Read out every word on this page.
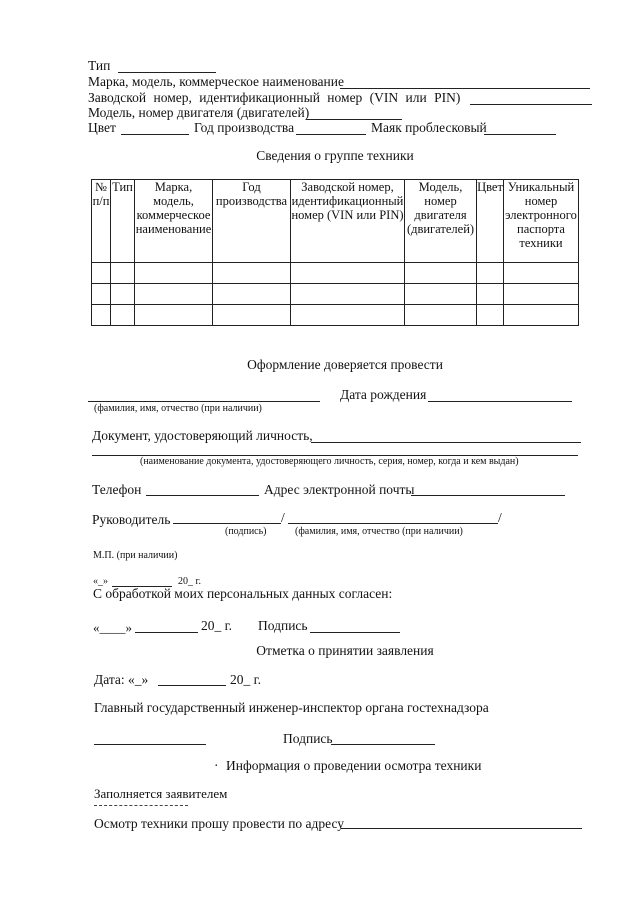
Тип
Марка, модель, коммерческое наименование
Заводской номер, идентификационный номер (VIN или PIN)
Модель, номер двигателя (двигателей)
Цвет	Год производства	Маяк проблесковый
Сведения о группе техники
№ п/п	Тип	Марка, модель, коммерческое наименование	Год производства	Заводской номер, идентификационный номер (VIN или PIN)	Модель, номер двигателя (двигателей)	Цвет	Уникальный номер электронного паспорта техники

Оформление доверяется провести
Дата рождения
(фамилия, имя, отчество (при наличии)
Документ, удостоверяющий личность,
(наименование документа, удостоверяющего личность, серия, номер, когда и кем выдан)
Телефон	Адрес электронной почты
Руководитель	/	/
(подпись)	(фамилия, имя, отчество (при наличии)
М.П. (при наличии)
«_»	20_ г.
С обработкой моих персональных данных согласен:
«____»	20_ г. Подпись
Отметка о принятии заявления
Дата: «_»	20_ г.
Главный государственный инженер-инспектор органа гостехнадзора
Подпись
· Информация о проведении осмотра техники
Заполняется заявителем
Осмотр техники прошу провести по адресу
